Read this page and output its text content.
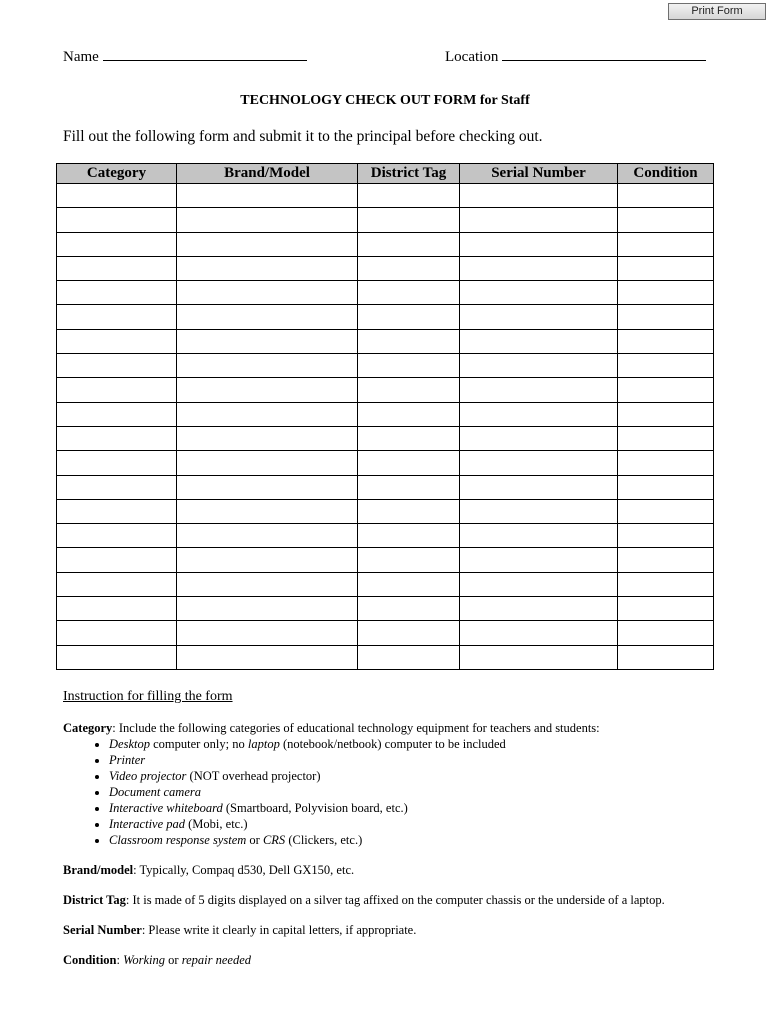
Print Form
Name	Location
TECHNOLOGY CHECK OUT FORM for Staff
Fill out the following form and submit it to the principal before checking out.
Category	Brand/Model	District Tag	Serial Number	Condition

Instruction for filling the form

Category: Include the following categories of educational technology equipment for teachers and students:

• Desktop computer only; no laptop (notebook/netbook) computer to be included
• Printer
• Video projector (NOT overhead projector)
• Document camera
• Interactive whiteboard (Smartboard, Polyvision board, etc.)
• Interactive pad (Mobi, etc.)
• Classroom response system or CRS (Clickers, etc.)

Brand/model: Typically, Compaq d530, Dell GX150, etc.

District Tag: It is made of 5 digits displayed on a silver tag affixed on the computer chassis or the underside of a laptop.

Serial Number: Please write it clearly in capital letters, if appropriate.

Condition: Working or repair needed
